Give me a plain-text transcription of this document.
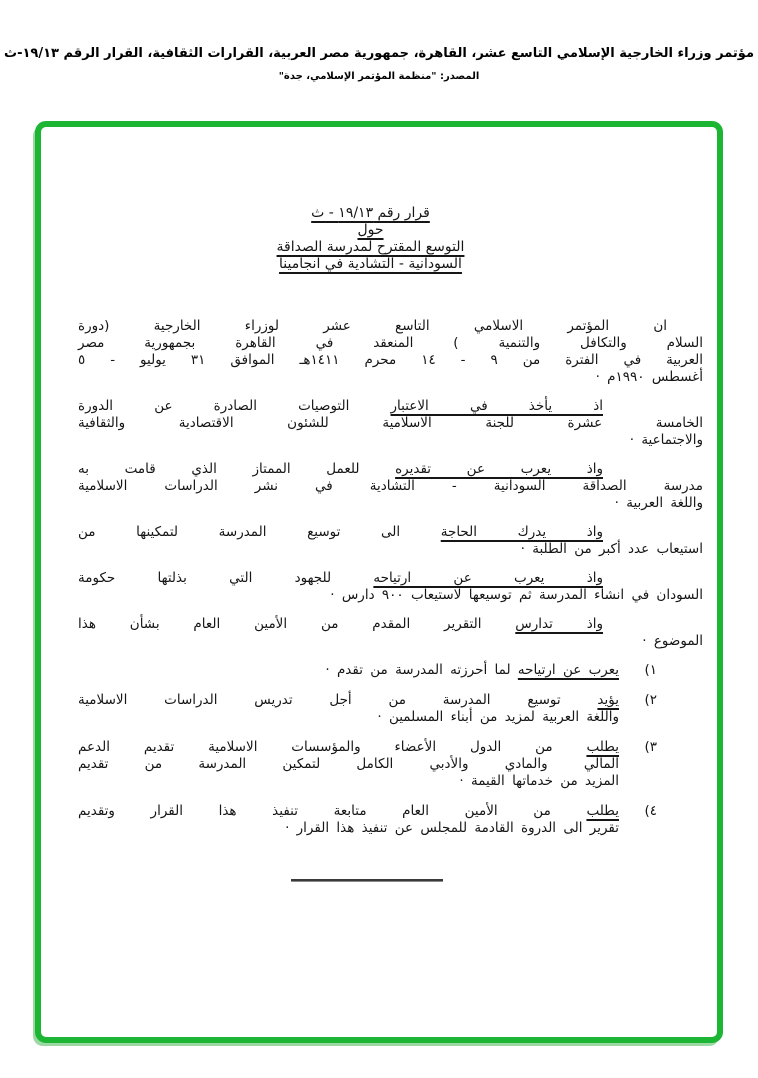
مؤتمر وزراء الخارجية الإسلامي التاسع عشر، القاهرة، جمهورية مصر العربية، القرارات الثقافية، القرار الرقم ١٩/١٣-ث
المصدر: "منظمة المؤتمر الإسلامي، جدة"
قرار رقم ١٩/١٣ - ث
حول
التوسع المقترح لمدرسة الصداقة
السودانية - التشادية في انجامينا
ان المؤتمر الاسلامي التاسع عشر لوزراء الخارجية (دورة
السلام والتكافل والتنمية ) المنعقد في القاهرة بجمهورية مصر
العربية في الفترة من ٩ - ١٤ محرم ١٤١١هـ الموافق ٣١ يوليو - ٥
أغسطس ١٩٩٠م ·
اذ يأخذ في الاعتبار التوصيات الصادرة عن الدورة
الخامسة عشرة للجنة الاسلامية للشئون الاقتصادية والثقافية
والاجتماعية ·
واذ يعرب عن تقديره للعمل الممتاز الذي قامت به
مدرسة الصداقة السودانية - التشادية في نشر الدراسات الاسلامية
واللغة العربية ·
واذ يدرك الحاجة الى توسيع المدرسة لتمكينها من
استيعاب عدد أكبر من الطلبة ·
واذ يعرب عن ارتياحه للجهود التي بذلتها حكومة
السودان في انشاء المدرسة ثم توسيعها لاستيعاب ٩٠٠ دارس ·
واذ تدارس التقرير المقدم من الأمين العام بشأن هذا
الموضوع ·
١)
يعرب عن ارتياحه لما أحرزته المدرسة من تقدم ·
٢)
يؤيد توسيع المدرسة من أجل تدريس الدراسات الاسلامية
واللغة العربية لمزيد من أبناء المسلمين ·
٣)
يطلب من الدول الأعضاء والمؤسسات الاسلامية تقديم الدعم
المالي والمادي والأدبي الكامل لتمكين المدرسة من تقديم
المزيد من خدماتها القيمة ·
٤)
يطلب من الأمين العام متابعة تنفيذ هذا القرار وتقديم
تقرير الى الدروة القادمة للمجلس عن تنفيذ هذا القرار ·
